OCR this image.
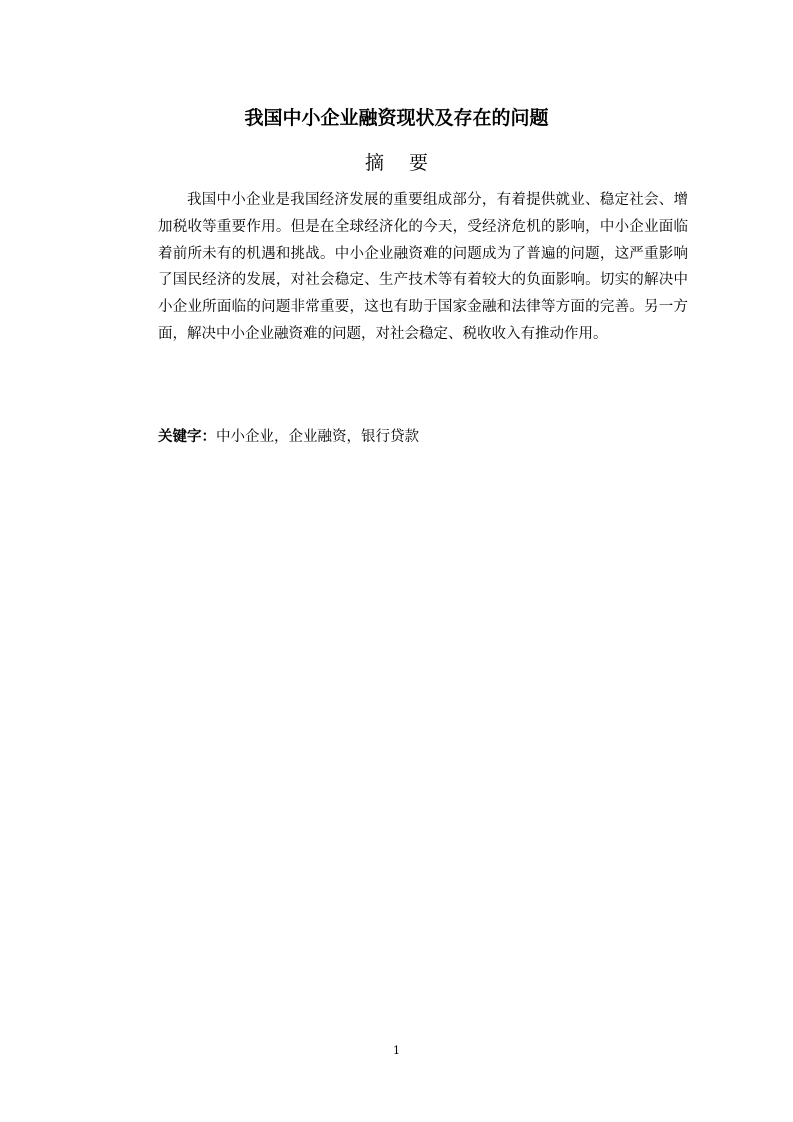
我国中小企业融资现状及存在的问题
摘要

我国中小企业是我国经济发展的重要组成部分，有着提供就业、稳定社会、增加税收等重要作用。但是在全球经济化的今天，受经济危机的影响，中小企业面临着前所未有的机遇和挑战。中小企业融资难的问题成为了普遍的问题，这严重影响了国民经济的发展，对社会稳定、生产技术等有着较大的负面影响。切实的解决中小企业所面临的问题非常重要，这也有助于国家金融和法律等方面的完善。另一方面，解决中小企业融资难的问题，对社会稳定、税收收入有推动作用。

关键字：中小企业，企业融资，银行贷款
1
